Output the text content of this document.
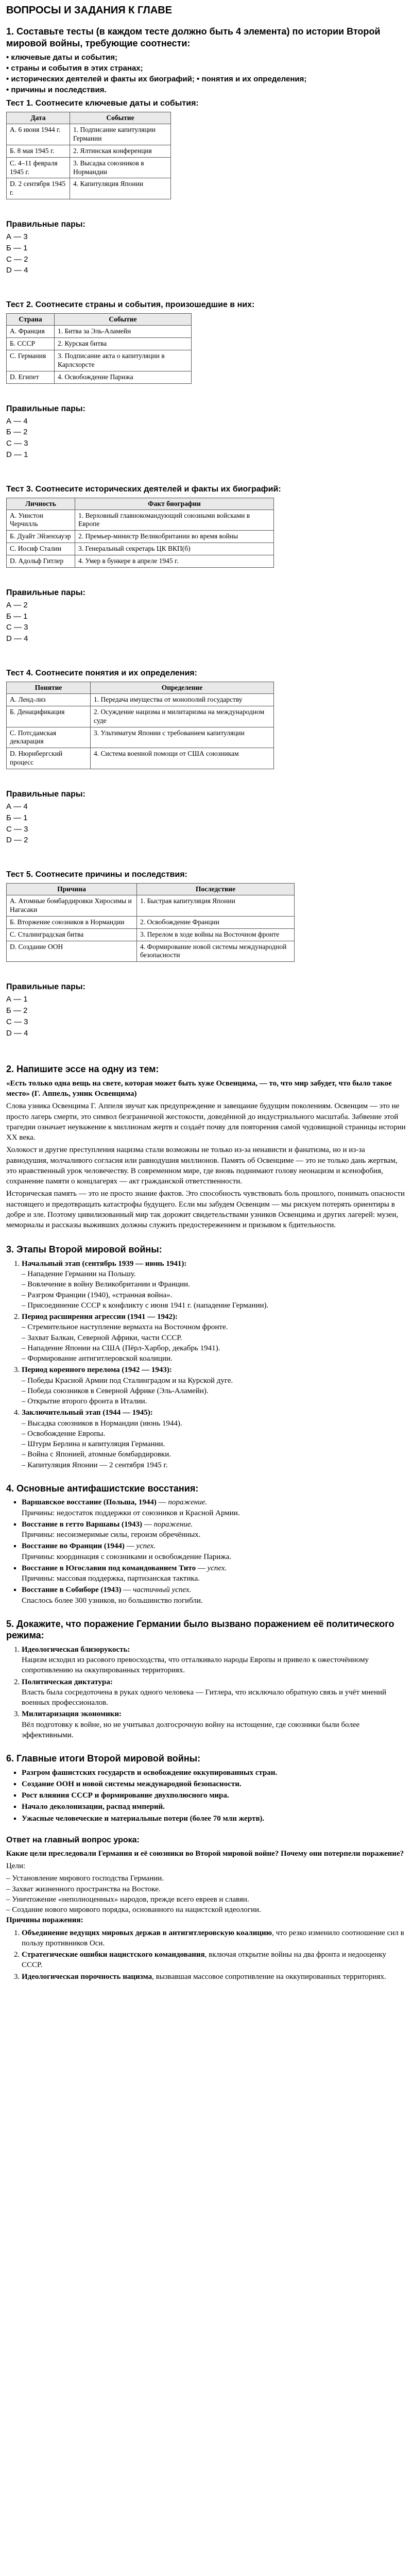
ВОПРОСЫ И ЗАДАНИЯ К ГЛАВЕ
1. Составьте тесты (в каждом тесте должно быть 4 элемента) по истории Второй мировой войны, требующие соотнести:
• ключевые даты и события;
• страны и события в этих странах;
• исторических деятелей и факты их биографий; • понятия и их определения;
• причины и последствия.
Тест 1. Соотнесите ключевые даты и события:
Дата	Событие
А. 6 июня 1944 г.	1. Подписание капитуляции Германии
Б. 8 мая 1945 г.	2. Ялтинская конференция
С. 4–11 февраля 1945 г.	3. Высадка союзников в Нормандии
D. 2 сентября 1945 г.	4. Капитуляция Японии
Правильные пары:
А — 3
Б — 1
С — 2
D — 4
Тест 2. Соотнесите страны и события, произошедшие в них:
Страна	Событие
А. Франция	1. Битва за Эль-Аламейн
Б. СССР	2. Курская битва
С. Германия	3. Подписание акта о капитуляции в Карлсхорсте
D. Египет	4. Освобождение Парижа
Правильные пары:
А — 4
Б — 2
С — 3
D — 1
Тест 3. Соотнесите исторических деятелей и факты их биографий:
Личность	Факт биографии
А. Уинстон Черчилль	1. Верховный главнокомандующий союзными войсками в Европе
Б. Дуайт Эйзенхауэр	2. Премьер-министр Великобритании во время войны
С. Иосиф Сталин	3. Генеральный секретарь ЦК ВКП(б)
D. Адольф Гитлер	4. Умер в бункере в апреле 1945 г.
Правильные пары:
А — 2
Б — 1
С — 3
D — 4
Тест 4. Соотнесите понятия и их определения:
Понятие	Определение
А. Ленд-лиз	1. Передача имущества от монополий государству
Б. Денацификация	2. Осуждение нацизма и милитаризма на международном суде
С. Потсдамская декларация	3. Ультиматум Японии с требованием капитуляции
D. Нюрнбергский процесс	4. Система военной помощи от США союзникам
Правильные пары:
А — 4
Б — 1
С — 3
D — 2
Тест 5. Соотнесите причины и последствия:
Причина	Последствие
А. Атомные бомбардировки Хиросимы и Нагасаки	1. Быстрая капитуляция Японии
Б. Вторжение союзников в Нормандии	2. Освобождение Франции
С. Сталинградская битва	3. Перелом в ходе войны на Восточном фронте
D. Создание ООН	4. Формирование новой системы международной безопасности
Правильные пары:
А — 1
Б — 2
С — 3
D — 4
2. Напишите эссе на одну из тем:

«Есть только одна вещь на свете, которая может быть хуже Освенцима, — то, что мир забудет, что было такое место» (Г. Аппель, узник Освенцима)

Слова узника Освенцима Г. Аппеля звучат как предупреждение и завещание будущим поколениям. Освенцим — это не просто лагерь смерти, это символ безграничной жестокости, доведённой до индустриального масштаба. Забвение этой трагедии означает неуважение к миллионам жертв и создаёт почву для повторения самой чудовищной страницы истории XX века.

Холокост и другие преступления нацизма стали возможны не только из-за ненависти и фанатизма, но и из-за равнодушия, молчаливого согласия или равнодушия миллионов. Память об Освенциме — это не только дань жертвам, это нравственный урок человечеству. В современном мире, где вновь поднимают голову неонацизм и ксенофобия, сохранение памяти о концлагерях — акт гражданской ответственности.

Историческая память — это не просто знание фактов. Это способность чувствовать боль прошлого, понимать опасности настоящего и предотвращать катастрофы будущего. Если мы забудем Освенцим — мы рискуем потерять ориентиры в добре и зле. Поэтому цивилизованный мир так дорожит свидетельствами узников Освенцима и других лагерей: музеи, мемориалы и рассказы выживших должны служить предостережением и призывом к бдительности.

3. Этапы Второй мировой войны:
1. Начальный этап (сентябрь 1939 — июнь 1941):
– Нападение Германии на Польшу.
– Вовлечение в войну Великобритании и Франции.
– Разгром Франции (1940), «странная война».
– Присоединение СССР к конфликту с июня 1941 г. (нападение Германии).
2. Период расширения агрессии (1941 — 1942):
– Стремительное наступление вермахта на Восточном фронте.
– Захват Балкан, Северной Африки, части СССР.
– Нападение Японии на США (Пёрл-Харбор, декабрь 1941).
– Формирование антигитлеровской коалиции.
3. Период коренного перелома (1942 — 1943):
– Победы Красной Армии под Сталинградом и на Курской дуге.
– Победа союзников в Северной Африке (Эль-Аламейн).
– Открытие второго фронта в Италии.
4. Заключительный этап (1944 — 1945):
– Высадка союзников в Нормандии (июнь 1944).
– Освобождение Европы.
– Штурм Берлина и капитуляция Германии.
– Война с Японией, атомные бомбардировки.
– Капитуляция Японии — 2 сентября 1945 г.
4. Основные антифашистские восстания:
▪ Варшавское восстание (Польша, 1944) — поражение.
Причины: недостаток поддержки от союзников и Красной Армии.
▪ Восстание в гетто Варшавы (1943) — поражение.
Причины: несоизмеримые силы, героизм обречённых.
▪ Восстание во Франции (1944) — успех.
Причины: координация с союзниками и освобождение Парижа.
▪ Восстание в Югославии под командованием Тито — успех.
Причины: массовая поддержка, партизанская тактика.
▪ Восстание в Собиборе (1943) — частичный успех.
Спаслось более 300 узников, но большинство погибли.
5. Докажите, что поражение Германии было вызвано поражением её политического режима:
1. Идеологическая близорукость:
Нацизм исходил из расового превосходства, что отталкивало народы Европы и привело к ожесточённому сопротивлению на оккупированных территориях.
2. Политическая диктатура:
Власть была сосредоточена в руках одного человека — Гитлера, что исключало обратную связь и учёт мнений военных профессионалов.
3. Милитаризация экономики:
Вёл подготовку к войне, но не учитывал долгосрочную войну на истощение, где союзники были более эффективными.
6. Главные итоги Второй мировой войны:
▪ Разгром фашистских государств и освобождение оккупированных стран.
▪ Создание ООН и новой системы международной безопасности.
▪ Рост влияния СССР и формирование двухполюсного мира.
▪ Начало деколонизации, распад империй.
▪ Ужасные человеческие и материальные потери (более 70 млн жертв).
Ответ на главный вопрос урока:

Какие цели преследовали Германия и её союзники во Второй мировой войне? Почему они потерпели поражение?

Цели:

– Установление мирового господства Германии.

– Захват жизненного пространства на Востоке.

– Уничтожение «неполноценных» народов, прежде всего евреев и славян.

– Создание нового мирового порядка, основанного на нацистской идеологии.

Причины поражения:

1. Объединение ведущих мировых держав в антигитлеровскую коалицию, что резко изменило соотношение сил в пользу противников Оси.
2. Стратегические ошибки нацистского командования, включая открытие войны на два фронта и недооценку СССР.
3. Идеологическая порочность нацизма, вызвавшая массовое сопротивление на оккупированных территориях.
